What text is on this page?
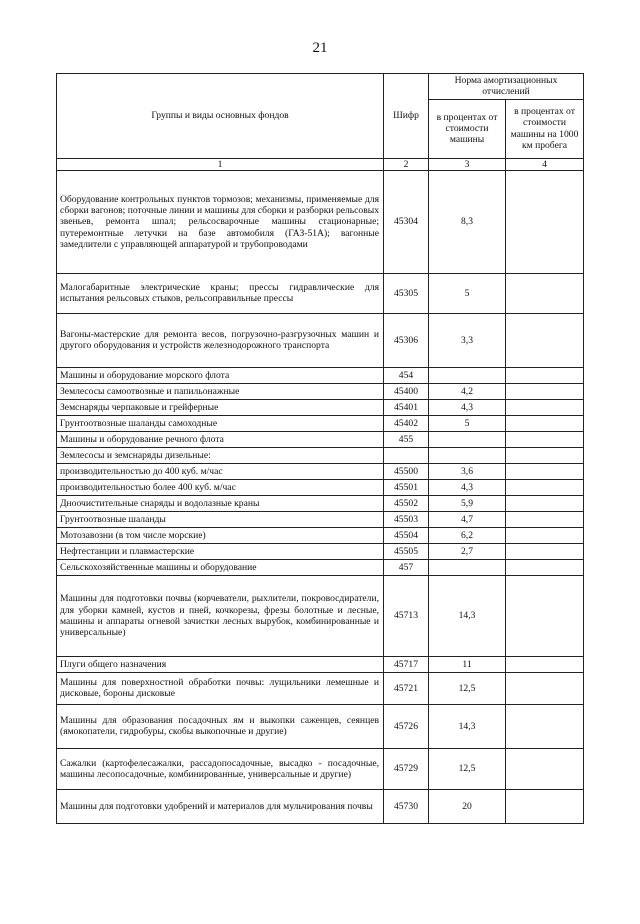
21
Группы и виды основных фондов	Шифр	Норма амортизационных отчислений	
		в процентах от стоимости машины	в процентах от стоимости машины на 1000 км пробега
1	2	3	4
Оборудование контрольных пунктов тормозов; механизмы, применяемые для сборки вагонов; поточные линии и машины для сборки и разборки рельсовых звеньев, ремонта шпал; рельсосварочные машины стационарные; путеремонтные летучки на базе автомобиля (ГАЗ-51А); вагонные замедлители с управляющей аппаратурой и трубопроводами	45304	8,3	
Малогабаритные электрические краны; прессы гидравлические для испытания рельсовых стыков, рельсоправильные прессы	45305	5	
Вагоны-мастерские для ремонта весов, погрузочно-разгрузочных машин и другого оборудования и устройств железнодорожного транспорта	45306	3,3	
Машины и оборудование морского флота	454		
Землесосы самоотвозные и папильонажные	45400	4,2	
Земснаряды черпаковые и грейферные	45401	4,3	
Грунтоотвозные шаланды самоходные	45402	5	
Машины и оборудование речного флота	455		
Землесосы и земснаряды дизельные:			
производительностью до 400 куб. м/час	45500	3,6	
производительностью более 400 куб. м/час	45501	4,3	
Дноочистительные снаряды и водолазные краны	45502	5,9	
Грунтоотвозные шаланды	45503	4,7	
Мотозавозни (в том числе морские)	45504	6,2	
Нефтестанции и плавмастерские	45505	2,7	
Сельскохозяйственные машины и оборудование	457		
Машины для подготовки почвы (корчеватели, рыхлители, покровосдиратели, для уборки камней, кустов и пней, кочкорезы, фрезы болотные и лесные, машины и аппараты огневой зачистки лесных вырубок, комбинированные и универсальные)	45713	14,3	
Плуги общего назначения	45717	11	
Машины для поверхностной обработки почвы: лущильники лемешные и дисковые, бороны дисковые	45721	12,5	
Машины для образования посадочных ям и выкопки саженцев, сеянцев (ямокопатели, гидробуры, скобы выкопочные и другие)	45726	14,3	
Сажалки (картофелесажалки, рассадопосадочные, высадко - посадочные, машины лесопосадочные, комбинированные, универсальные и другие)	45729	12,5	
Машины для подготовки удобрений и материалов для мульчирования почвы	45730	20	
